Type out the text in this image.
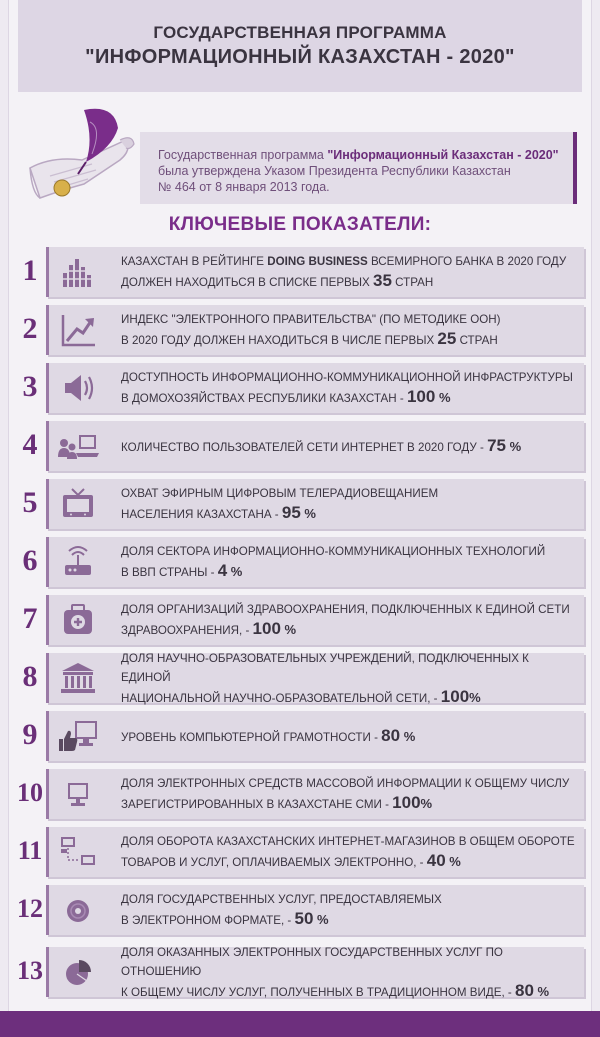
ГОСУДАРСТВЕННАЯ ПРОГРАММА
"ИНФОРМАЦИОННЫЙ КАЗАХСТАН - 2020"
Государственная программа "Информационный Казахстан - 2020"
была утверждена Указом Президента Республики Казахстан
№ 464 от 8 января 2013 года.
КЛЮЧЕВЫЕ ПОКАЗАТЕЛИ:
1	КАЗАХСТАН В РЕЙТИНГЕ DOING BUSINESS ВСЕМИРНОГО БАНКА В 2020 ГОДУ
ДОЛЖЕН НАХОДИТЬСЯ В СПИСКЕ ПЕРВЫХ 35 СТРАН
2	ИНДЕКС "ЭЛЕКТРОННОГО ПРАВИТЕЛЬСТВА" (ПО МЕТОДИКЕ ООН)
В 2020 ГОДУ ДОЛЖЕН НАХОДИТЬСЯ В ЧИСЛЕ ПЕРВЫХ 25 СТРАН
3	ДОСТУПНОСТЬ ИНФОРМАЦИОННО-КОММУНИКАЦИОННОЙ ИНФРАСТРУКТУРЫ
В ДОМОХОЗЯЙСТВАХ РЕСПУБЛИКИ КАЗАХСТАН - 100 %
4	КОЛИЧЕСТВО ПОЛЬЗОВАТЕЛЕЙ СЕТИ ИНТЕРНЕТ В 2020 ГОДУ - 75 %
5	ОХВАТ ЭФИРНЫМ ЦИФРОВЫМ ТЕЛЕРАДИОВЕЩАНИЕМ
НАСЕЛЕНИЯ КАЗАХСТАНА - 95 %
6	ДОЛЯ СЕКТОРА ИНФОРМАЦИОННО-КОММУНИКАЦИОННЫХ ТЕХНОЛОГИЙ
В ВВП СТРАНЫ - 4 %
7	ДОЛЯ ОРГАНИЗАЦИЙ ЗДРАВООХРАНЕНИЯ, ПОДКЛЮЧЕННЫХ К ЕДИНОЙ СЕТИ
ЗДРАВООХРАНЕНИЯ, - 100 %
8
ДОЛЯ НАУЧНО-ОБРАЗОВАТЕЛЬНЫХ УЧРЕЖДЕНИЙ, ПОДКЛЮЧЕННЫХ К ЕДИНОЙ
НАЦИОНАЛЬНОЙ НАУЧНО-ОБРАЗОВАТЕЛЬНОЙ СЕТИ, - 100%
9	УРОВЕНЬ КОМПЬЮТЕРНОЙ ГРАМОТНОСТИ - 80 %
10	ДОЛЯ ЭЛЕКТРОННЫХ СРЕДСТВ МАССОВОЙ ИНФОРМАЦИИ К ОБЩЕМУ ЧИСЛУ
ЗАРЕГИСТРИРОВАННЫХ В КАЗАХСТАНЕ СМИ - 100%
11	ДОЛЯ ОБОРОТА КАЗАХСТАНСКИХ ИНТЕРНЕТ-МАГАЗИНОВ В ОБЩЕМ ОБОРОТЕ
ТОВАРОВ И УСЛУГ, ОПЛАЧИВАЕМЫХ ЭЛЕКТРОННО, - 40 %
12	ДОЛЯ ГОСУДАРСТВЕННЫХ УСЛУГ, ПРЕДОСТАВЛЯЕМЫХ
В ЭЛЕКТРОННОМ ФОРМАТЕ, - 50 %
13
ДОЛЯ ОКАЗАННЫХ ЭЛЕКТРОННЫХ ГОСУДАРСТВЕННЫХ УСЛУГ ПО ОТНОШЕНИЮ
К ОБЩЕМУ ЧИСЛУ УСЛУГ, ПОЛУЧЕННЫХ В ТРАДИЦИОННОМ ВИДЕ, - 80 %
